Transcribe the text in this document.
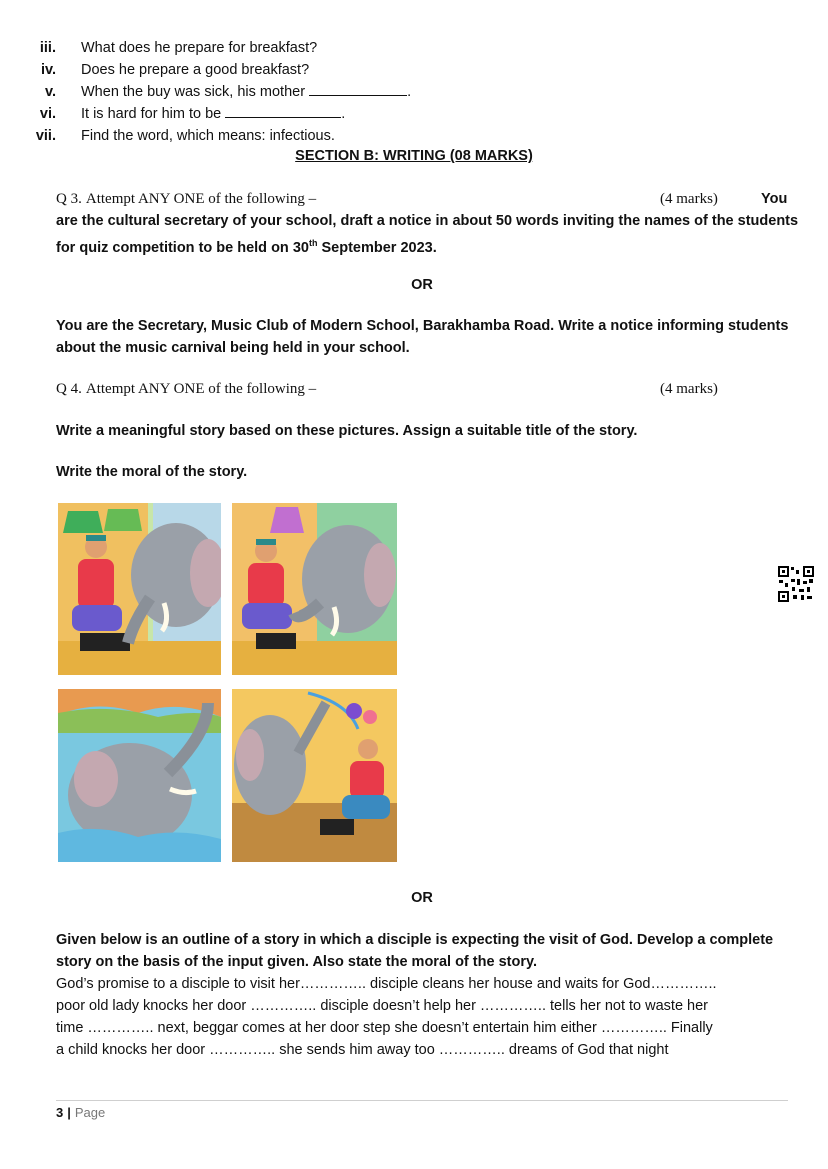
iii. What does he prepare for breakfast?
iv. Does he prepare a good breakfast?
v. When the buy was sick, his mother	.
vi. It is hard for him to be	.
vii. Find the word, which means: infectious.
SECTION B: WRITING (08 MARKS)
Q 3. Attempt ANY ONE of the following –	(4 marks)	You
are the cultural secretary of your school, draft a notice in about 50 words inviting the names of the students
for quiz competition to be held on 30th September 2023.
OR
You are the Secretary, Music Club of Modern School, Barakhamba Road. Write a notice informing students
about the music carnival being held in your school.
Q 4. Attempt ANY ONE of the following –	(4 marks)
Write a meaningful story based on these pictures. Assign a suitable title of the story.
Write the moral of the story.
OR
Given below is an outline of a story in which a disciple is expecting the visit of God. Develop a complete
story on the basis of the input given. Also state the moral of the story.
God’s promise to a disciple to visit her………….. disciple cleans her house and waits for God…………..
poor old lady knocks her door ………….. disciple doesn’t help her ………….. tells her not to waste her
time ………….. next, beggar comes at her door step she doesn’t entertain him either ………….. Finally
a child knocks her door ………….. she sends him away too ………….. dreams of God that night
3 | Page
